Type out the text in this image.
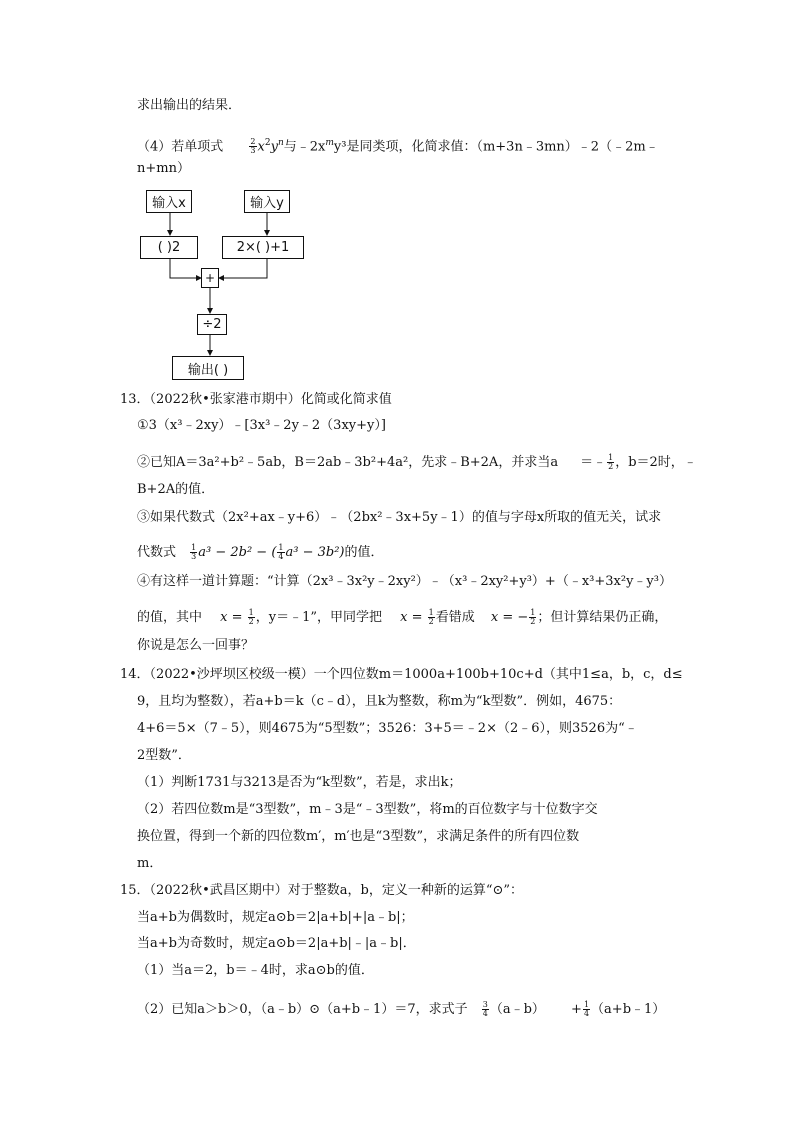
求出输出的结果．
（4）若单项式	$\frac{2}{3} x^2y^n$与$﹣2x^my^3$是同类项，化简求值：（m+3n﹣3mn）﹣2（﹣2m﹣
n+mn）
输入x	输入y
( )2	2×( )+1
+
÷2
输出( )
13．（2022秋•张家港市期中）化简或化简求值
①3（x³﹣2xy）﹣[3x³﹣2y﹣2（3xy+y）]
②已知A＝3a²+b²﹣5ab，B＝2ab﹣3b²+4a²，先求﹣B+2A，并求当a ＝﹣ $\frac{1}{2}$ ，b＝2时，﹣
B+2A的值．
③如果代数式（2x²+ax﹣y+6）﹣（2bx²﹣3x+5y﹣1）的值与字母x所取的值无关，试求
代数式 $\frac{1}{3} a^3 - 2b^2$ − ( $\frac{1}{4} a^3 - 3b^2$)的值．
④有这样一道计算题：“计算（2x³﹣3x²y﹣2xy²）﹣（x³﹣2xy²+y³）+（﹣x³+3x²y﹣y³）
的值，其中 $x = \frac{1}{2}$ ，y＝﹣1”，甲同学把 $x = \frac{1}{2}$ 看错成 x = − $\frac{1}{2}$ ；但计算结果仍正确，
你说是怎么一回事？
14．（2022•沙坪坝区校级一模）一个四位数m＝1000a+100b+10c+d（其中1≤a，b，c，d≤
9，且均为整数），若a+b＝k（c﹣d），且k为整数，称m为“k型数”．例如，4675：
4+6＝5×（7﹣5），则4675为“5型数”；3526：3+5＝﹣2×（2﹣6），则3526为“﹣
2型数”．
（1）判断1731与3213是否为“k型数”，若是，求出k；
（2）若四位数m是“3型数”，m﹣3是“﹣3型数”，将m的百位数字与十位数字交
换位置，得到一个新的四位数m′，m′也是“3型数”，求满足条件的所有四位数
m．
15．（2022秋•武昌区期中）对于整数a，b，定义一种新的运算“⊙”：
当a+b为偶数时，规定a⊙b＝2|a+b|+|a﹣b|；
当a+b为奇数时，规定a⊙b＝2|a+b|﹣|a﹣b|．
（1）当a＝2，b＝﹣4时，求a⊙b的值．
（2）已知a＞b＞0，（a﹣b）⊙（a+b﹣1）＝7，求式子 $\frac{3}{4}$ （a﹣b） + $\frac{1}{4}$ （a+b﹣1）
